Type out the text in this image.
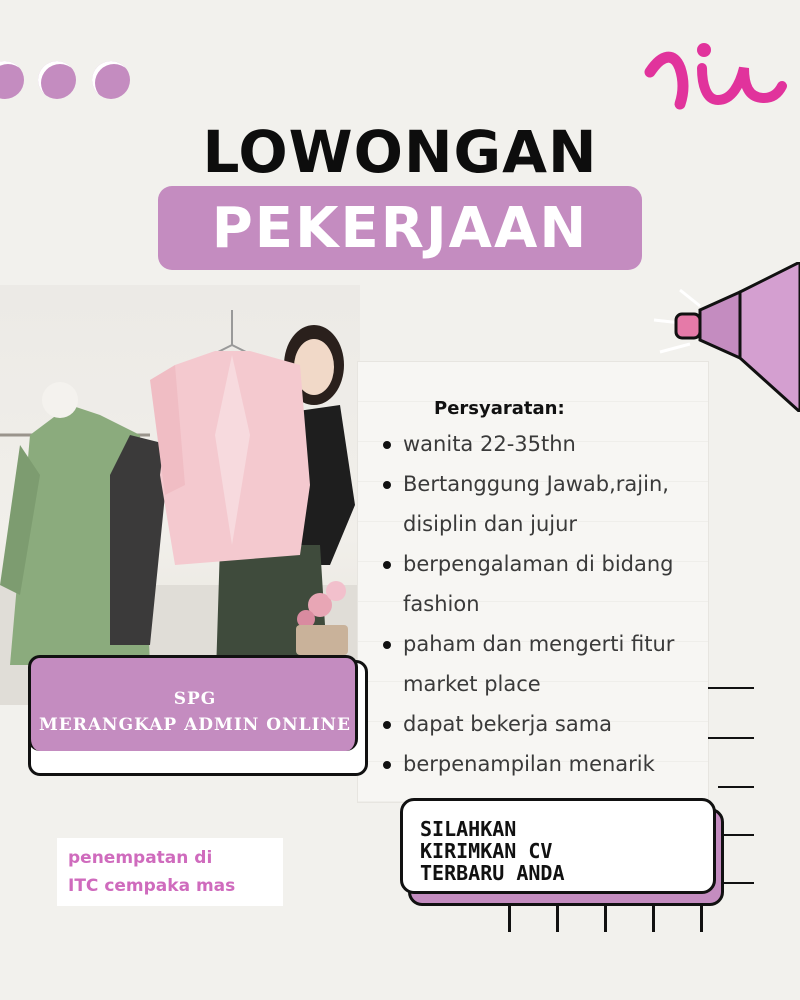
LOWONGAN
PEKERJAAN
Persyaratan:
wanita 22-35thn
Bertanggung Jawab,rajin, disiplin dan jujur
berpengalaman di bidang fashion
paham dan mengerti fitur market place
dapat bekerja sama
berpenampilan menarik
SPG
MERANGKAP ADMIN ONLINE
penempatan di
ITC cempaka mas
SILAHKAN
KIRIMKAN CV
TERBARU ANDA
